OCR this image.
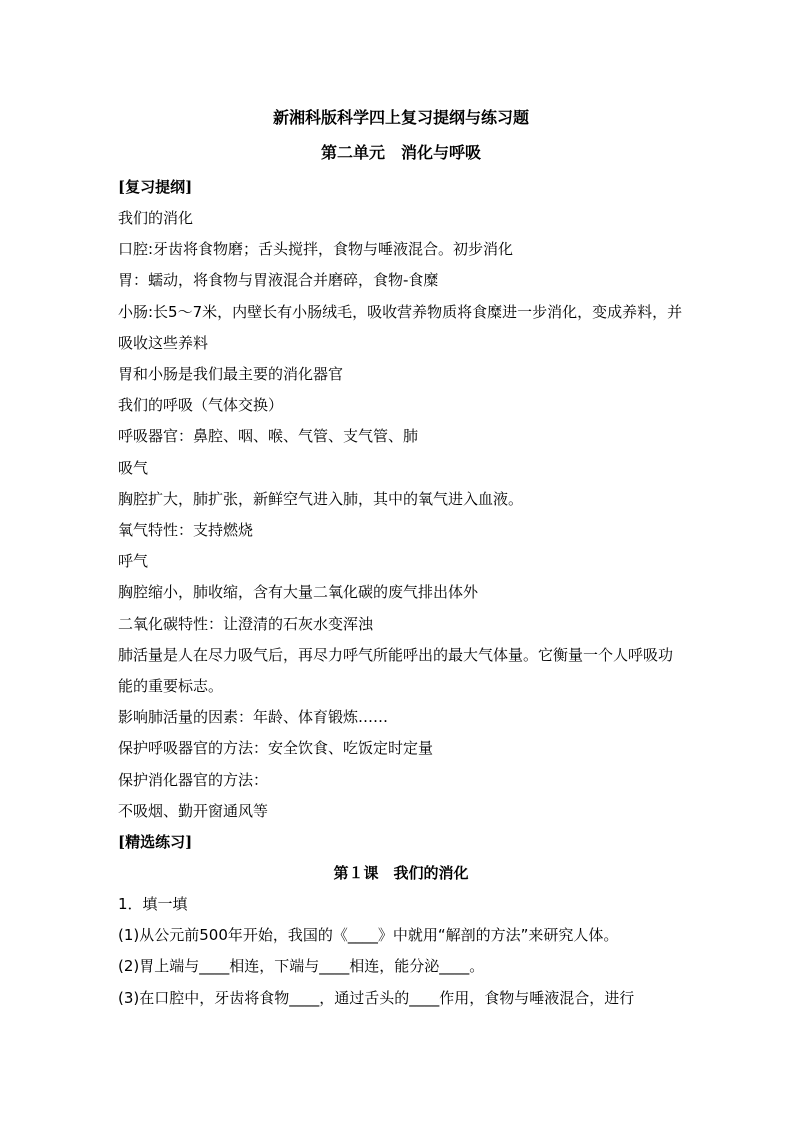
新湘科版科学四上复习提纲与练习题
第二单元　消化与呼吸
[复习提纲]
我们的消化
口腔:牙齿将食物磨；舌头搅拌，食物与唾液混合。初步消化
胃：蠕动，将食物与胃液混合并磨碎，食物-食糜
小肠:长5～7米，内壁长有小肠绒毛，吸收营养物质将食糜进一步消化，变成养料，并吸收这些养料
胃和小肠是我们最主要的消化器官
我们的呼吸（气体交换）
呼吸器官：鼻腔、咽、喉、气管、支气管、肺
吸气
胸腔扩大，肺扩张，新鲜空气进入肺，其中的氧气进入血液。
氧气特性：支持燃烧
呼气
胸腔缩小，肺收缩，含有大量二氧化碳的废气排出体外
二氧化碳特性：让澄清的石灰水变浑浊
肺活量是人在尽力吸气后，再尽力呼气所能呼出的最大气体量。它衡量一个人呼吸功能的重要标志。
影响肺活量的因素：年龄、体育锻炼……
保护呼吸器官的方法：安全饮食、吃饭定时定量
保护消化器官的方法：
不吸烟、勤开窗通风等
[精选练习]
第１课　我们的消化
1．填一填
(1)从公元前500年开始，我国的《____》中就用“解剖的方法”来研究人体。
(2)胃上端与____相连，下端与____相连，能分泌____。
(3)在口腔中，牙齿将食物____，通过舌头的____作用，食物与唾液混合，进行
